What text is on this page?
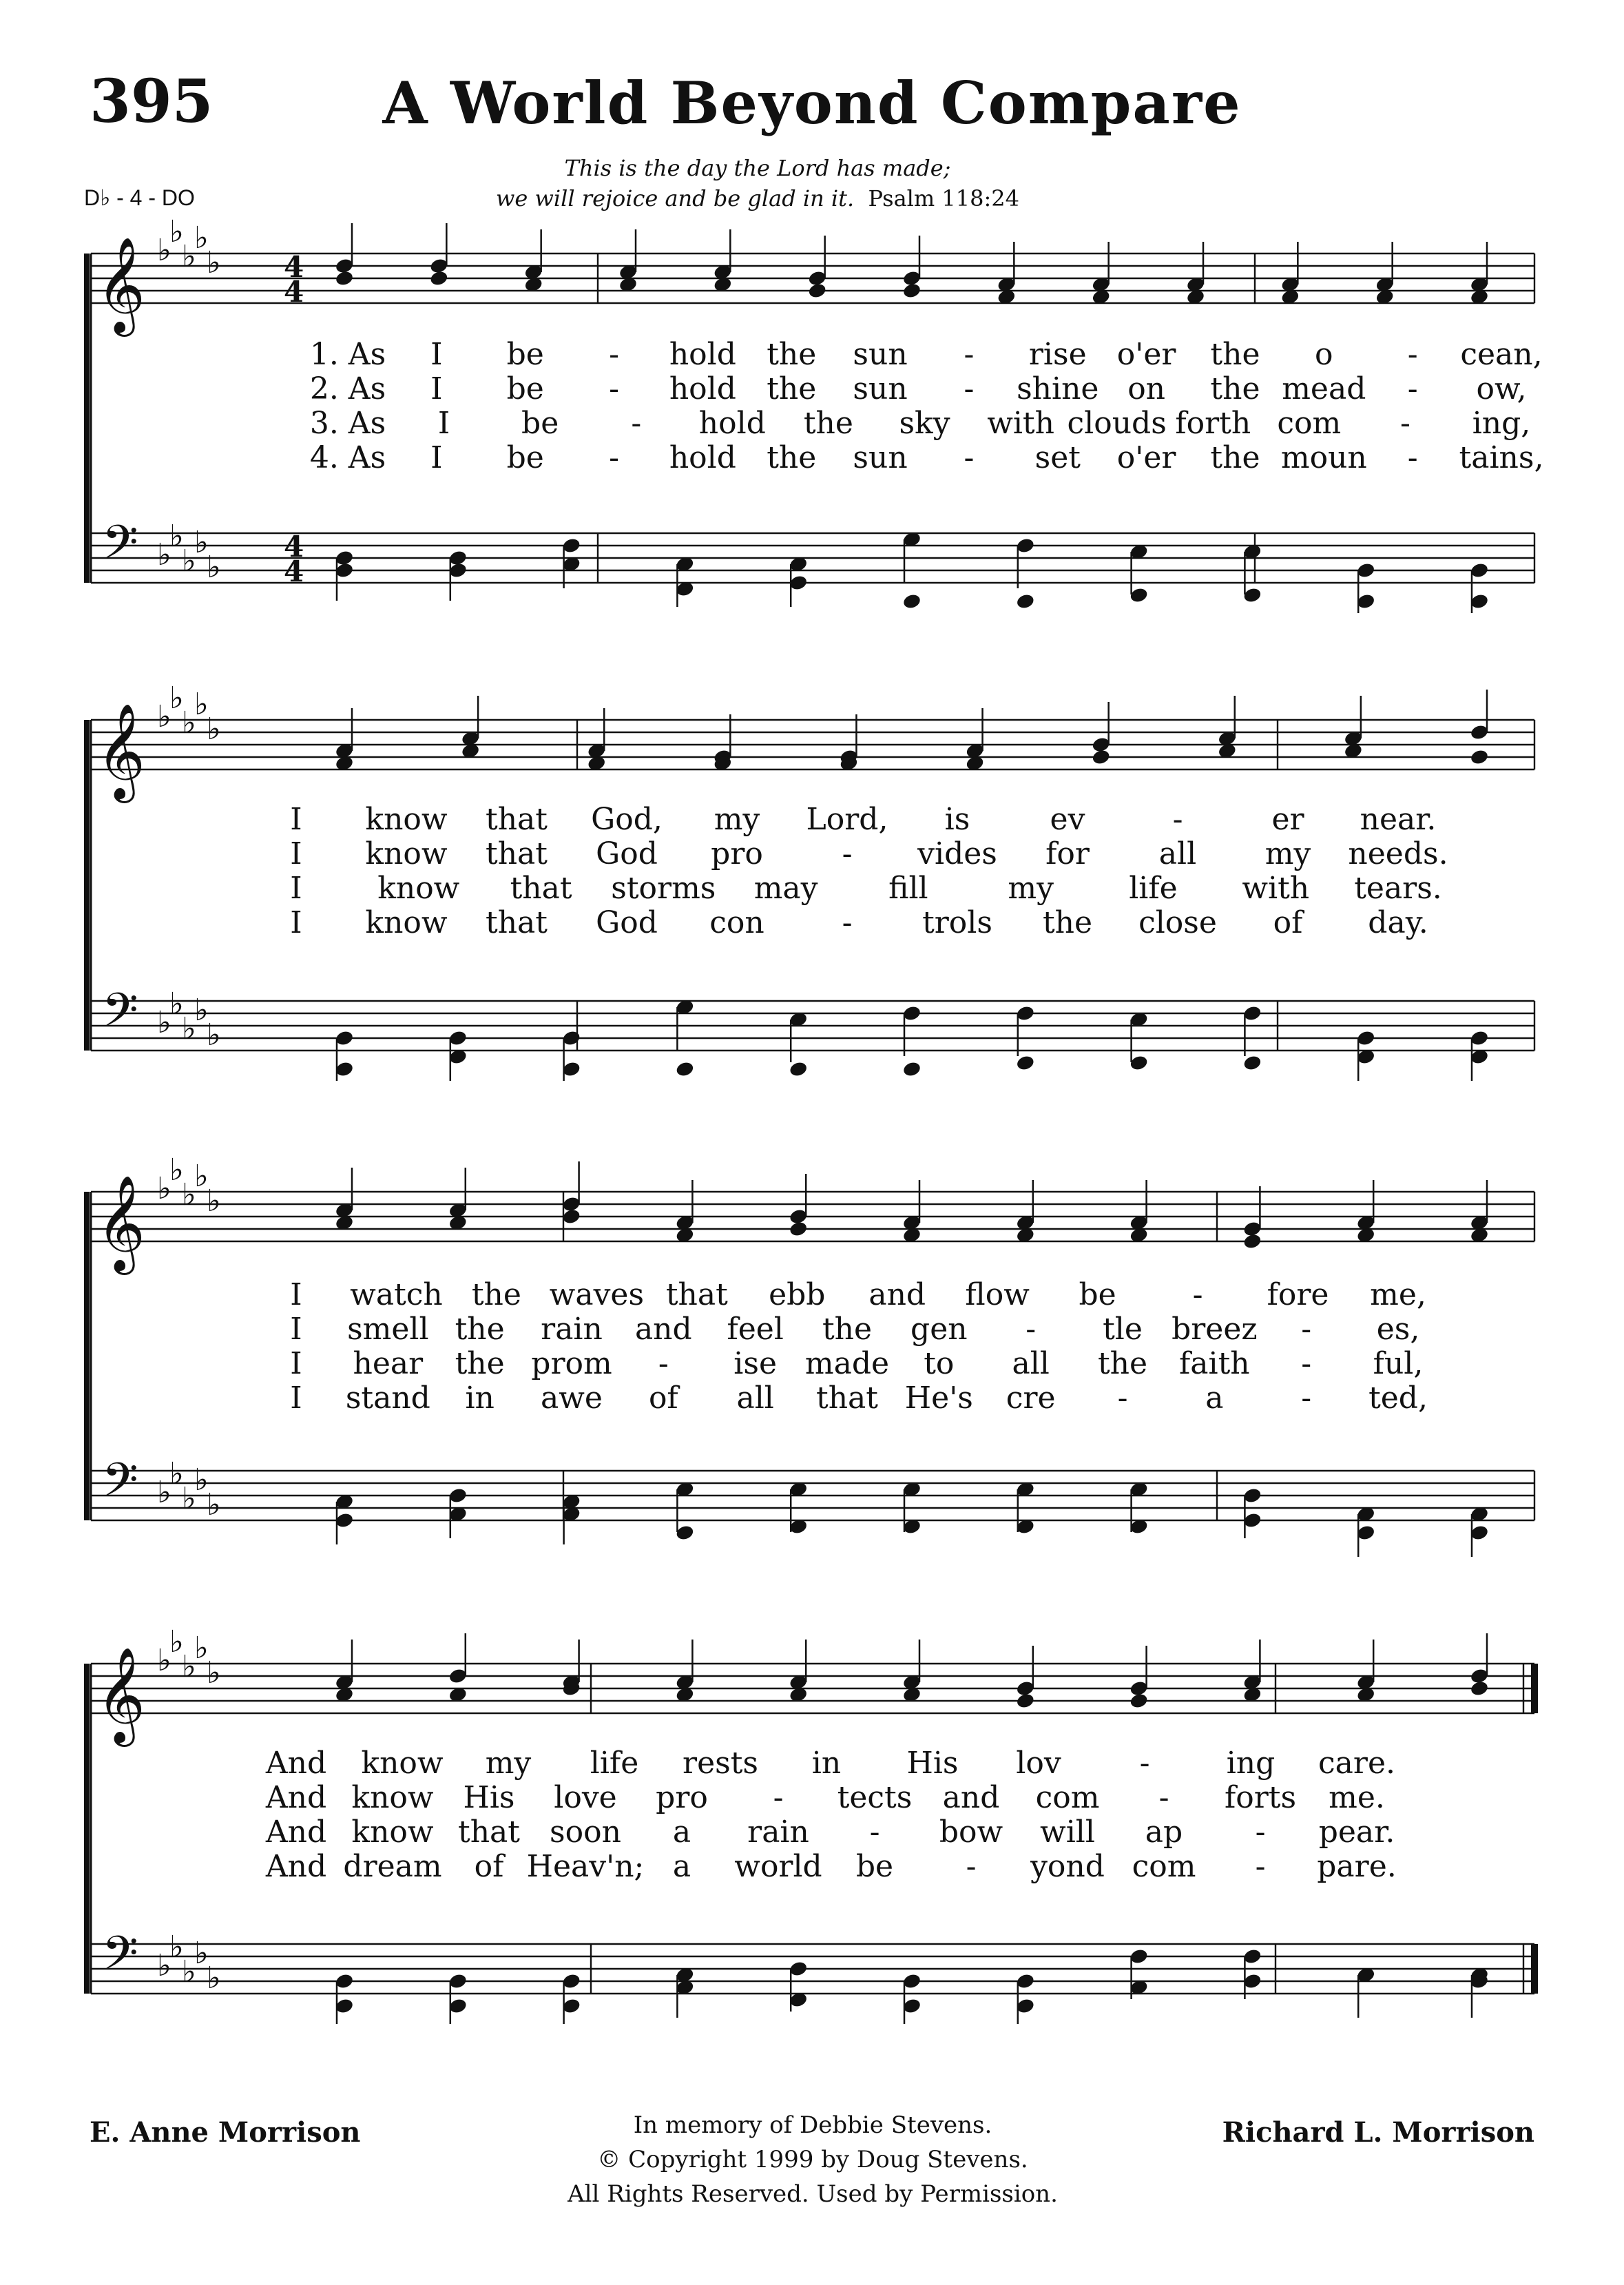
395	A World Beyond Compare
This is the day the Lord has made;
we will rejoice and be glad in it. Psalm 118:24
D♭ - 4 - DO
𝄞
𝄢
♭
♭
♭
♭
♭
♭
♭
♭
♭
♭
4
4
4
4
𝄞
𝄢
♭
♭
♭
♭
♭
♭
♭
♭
♭
♭
𝄞
𝄢
♭
♭
♭
♭
♭
♭
♭
♭
♭
♭
𝄞
𝄢
♭
♭
♭
♭
♭
♭
♭
♭
♭
♭
1. As I be - hold the sun - rise o'er the o - cean,
2. As I be - hold the sun - shine on the mead - ow,
3. As I be - hold the sky with clouds forth com - ing,
4. As I be - hold the sun - set o'er the moun - tains,
I know that God, my Lord, is	ev	-	er near.
I know that God pro	- vides for all my needs.
I know that storms may fill	my life with tears.
I know that God con	- trols the close of day.
I watch the waves that ebb and flow be	- fore me,
I smell the rain and feel the gen - tle breez - es,
I hear the prom - ise made to all the faith - ful,
I stand in awe of all that He's cre -	a	- ted,
And know my life rests in His lov	-	ing care.
And know His love pro - tects and com - forts me.
And know that soon a rain - bow will ap - pear.
And dream of Heav'n; a world be - yond com - pare.
E. Anne Morrison	Richard L. Morrison
In memory of Debbie Stevens.
© Copyright 1999 by Doug Stevens.
All Rights Reserved. Used by Permission.
